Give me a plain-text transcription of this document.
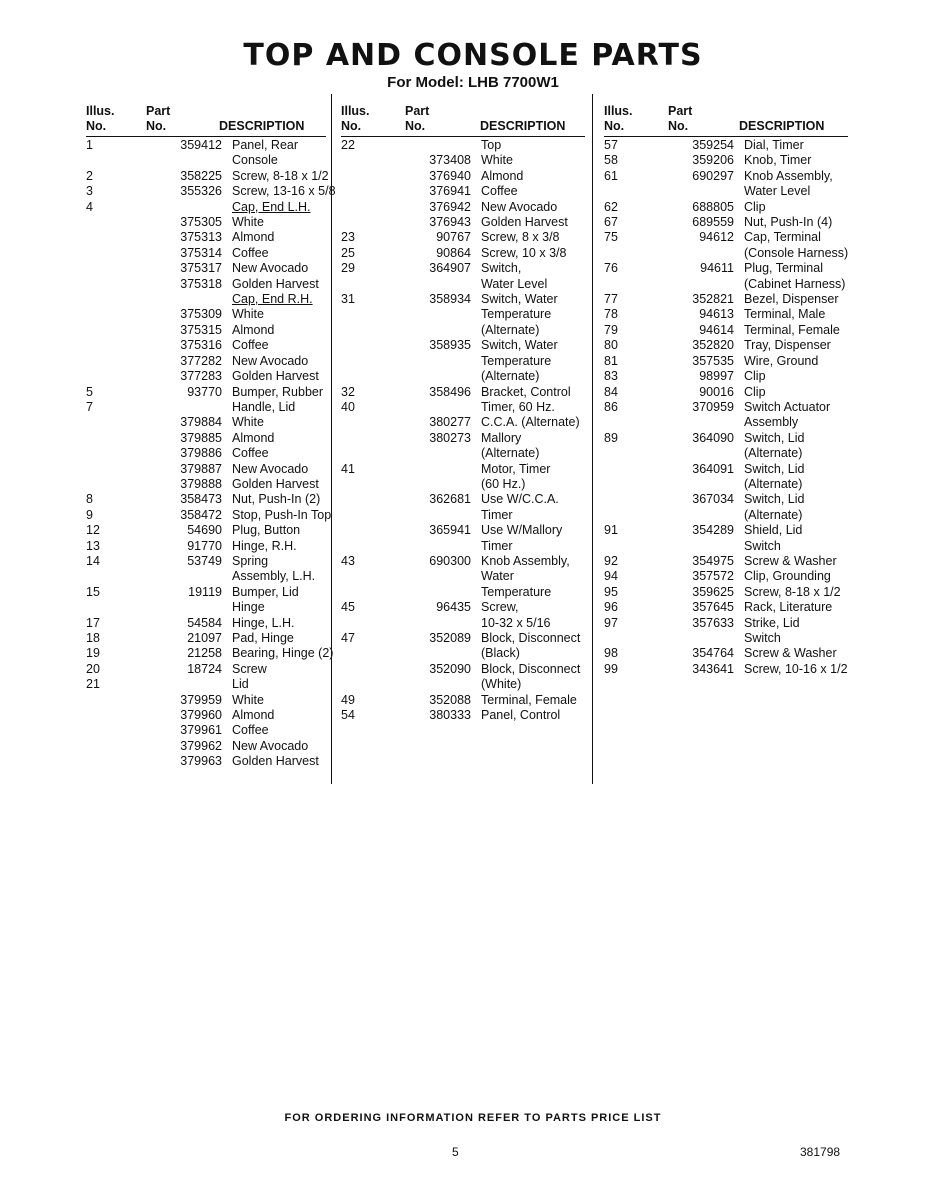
TOP AND CONSOLE PARTS
For Model: LHB 7700W1
Illus. No.
Part No.	DESCRIPTION
1	359412 Panel, Rear
Console
2	358225 Screw, 8-18 x 1/2
3	355326 Screw, 13-16 x 5/8
4	Cap, End L.H.
375305 White
375313 Almond
375314 Coffee
375317 New Avocado
375318 Golden Harvest
Cap, End R.H.
375309 White
375315 Almond
375316 Coffee
377282 New Avocado
377283 Golden Harvest
5	93770 Bumper, Rubber
7	Handle, Lid
379884 White
379885 Almond
379886 Coffee
379887 New Avocado
379888 Golden Harvest
8	358473 Nut, Push-In (2)
9	358472 Stop, Push-In Top
12	54690 Plug, Button
13	91770 Hinge, R.H.
14	53749 Spring
Assembly, L.H.
15	19119 Bumper, Lid
Hinge
17	54584 Hinge, L.H.
18	21097 Pad, Hinge
19	21258 Bearing, Hinge (2)
20	18724 Screw
21	Lid
379959 White
379960 Almond
379961 Coffee
379962 New Avocado
379963 Golden Harvest
Illus. No.
Part No.	DESCRIPTION
22	Top
373408 White
376940 Almond
376941 Coffee
376942 New Avocado
376943 Golden Harvest
23	90767 Screw, 8 x 3/8
25	90864 Screw, 10 x 3/8
29	364907 Switch,
Water Level
31	358934 Switch, Water
Temperature
(Alternate)
358935 Switch, Water
Temperature
(Alternate)
32	358496 Bracket, Control
40	Timer, 60 Hz.
380277 C.C.A. (Alternate)
380273 Mallory
(Alternate)
41	Motor, Timer
(60 Hz.)
362681 Use W/C.C.A.
Timer
365941 Use W/Mallory
Timer
43	690300 Knob Assembly,
Water
Temperature
45	96435 Screw,
10-32 x 5/16
47	352089 Block, Disconnect
(Black)
352090 Block, Disconnect
(White)
49	352088 Terminal, Female
54	380333 Panel, Control
Illus. No.
Part No.	DESCRIPTION
57	359254 Dial, Timer
58	359206 Knob, Timer
61	690297 Knob Assembly,
Water Level
62	688805 Clip
67	689559 Nut, Push-In (4)
75	94612 Cap, Terminal
(Console Harness)
76	94611 Plug, Terminal
(Cabinet Harness)
77	352821 Bezel, Dispenser
78	94613 Terminal, Male
79	94614 Terminal, Female
80	352820 Tray, Dispenser
81	357535 Wire, Ground
83	98997 Clip
84	90016 Clip
86	370959 Switch Actuator
Assembly
89	364090 Switch, Lid
(Alternate)
364091 Switch, Lid
(Alternate)
367034 Switch, Lid
(Alternate)
91	354289 Shield, Lid
Switch
92	354975 Screw & Washer
94	357572 Clip, Grounding
95	359625 Screw, 8-18 x 1/2
96	357645 Rack, Literature
97	357633 Strike, Lid
Switch
98	354764 Screw & Washer
99	343641 Screw, 10-16 x 1/2
FOR ORDERING INFORMATION REFER TO PARTS PRICE LIST
5	381798
